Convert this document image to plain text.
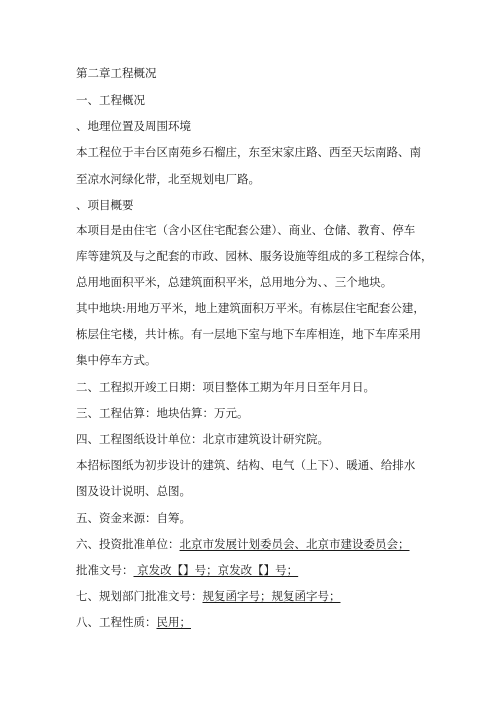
第二章工程概况
一、工程概况
、地理位置及周围环境
本工程位于丰台区南苑乡石榴庄，东至宋家庄路、西至天坛南路、南
至凉水河绿化带，北至规划电厂路。
、项目概要
本项目是由住宅（含小区住宅配套公建）、商业、仓储、教育、停车
库等建筑及与之配套的市政、园林、服务设施等组成的多工程综合体，
总用地面积平米，总建筑面积平米，总用地分为、、三个地块。
其中地块:用地万平米，地上建筑面积万平米。有栋层住宅配套公建，
栋层住宅楼，共计栋。有一层地下室与地下车库相连，地下车库采用
集中停车方式。
二、工程拟开竣工日期：项目整体工期为年月日至年月日。
三、工程估算：地块估算：万元。
四、工程图纸设计单位：北京市建筑设计研究院。
本招标图纸为初步设计的建筑、结构、电气（上下）、暖通、给排水
图及设计说明、总图。
五、资金来源：自筹。
六、投资批准单位：北京市发展计划委员会、北京市建设委员会；
批准文号： 京发改【】号；京发改【】号；
七、规划部门批准文号：规复函字号；规复函字号；
八、工程性质：民用；
